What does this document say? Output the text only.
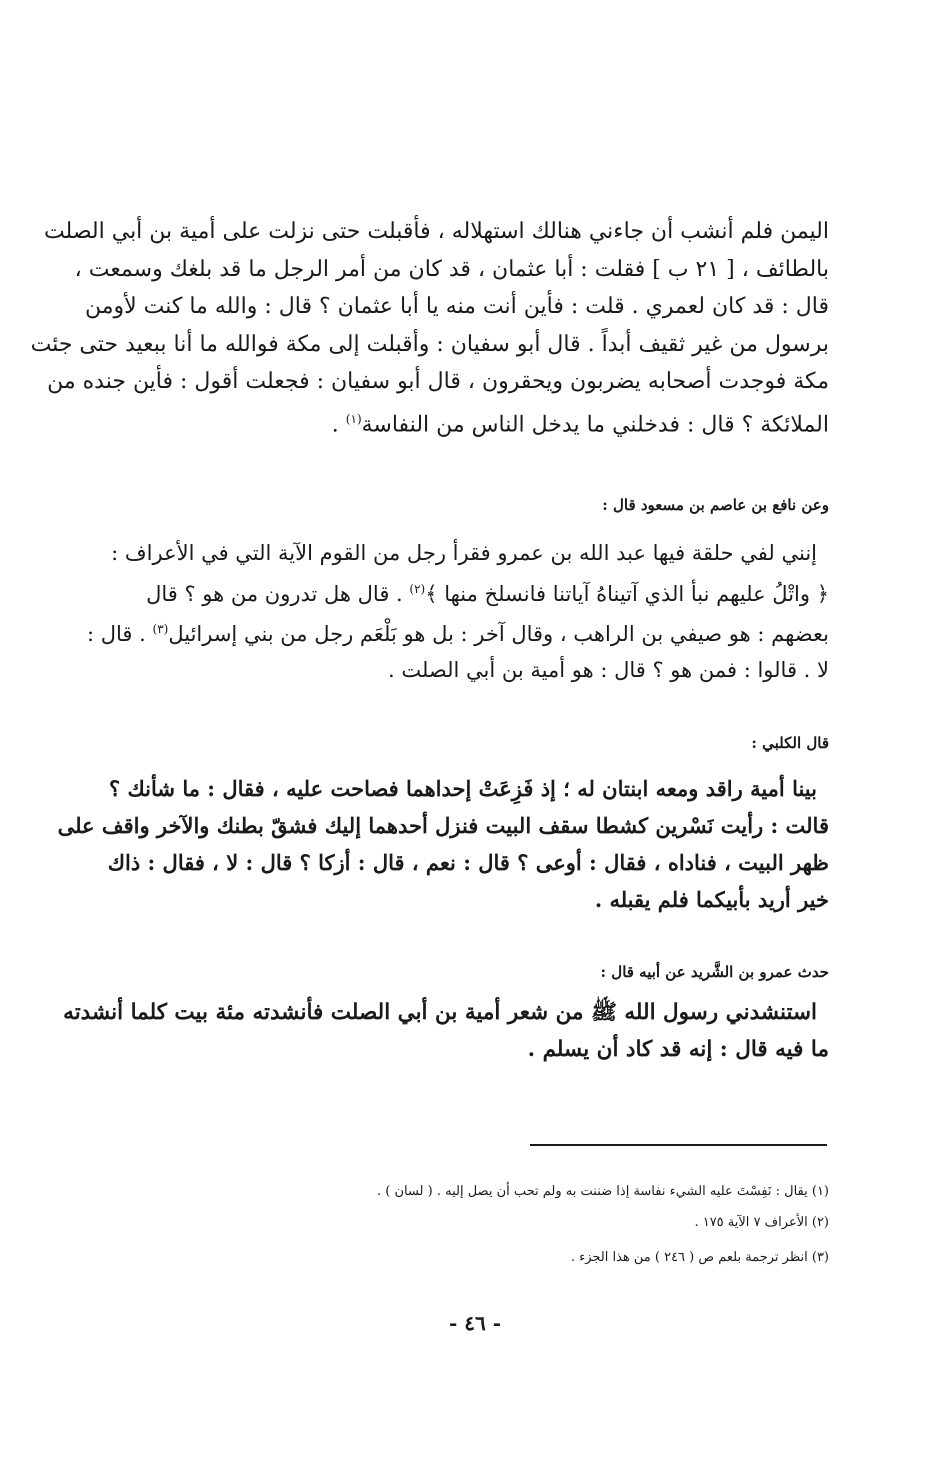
اليمن فلم أنشب أن جاءني هنالك استهلاله ، فأقبلت حتى نزلت على أمية بن أبي الصلت
بالطائف ، [ ٢١ ب ] فقلت : أبا عثمان ، قد كان من أمر الرجل ما قد بلغك وسمعت ،
قال : قد كان لعمري . قلت : فأين أنت منه يا أبا عثمان ؟ قال : والله ما كنت لأومن
برسول من غير ثقيف أبداً . قال أبو سفيان : وأقبلت إلى مكة فوالله ما أنا ببعيد حتى جئت
مكة فوجدت أصحابه يضربون ويحقرون ، قال أبو سفيان : فجعلت أقول : فأين جنده من
الملائكة ؟ قال : فدخلني ما يدخل الناس من النفاسة$^{(١)}$ .
وعن نافع بن عاصم بن مسعود قال :
إنني لفي حلقة فيها عبد الله بن عمرو فقرأ رجل من القوم الآية التي في الأعراف :
﴿ واتْلُ عليهم نبأ الذي آتيناهُ آياتنا فانسلخ منها ﴾$^{(٢)}$ . قال هل تدرون من هو ؟ قال
بعضهم : هو صيفي بن الراهب ، وقال آخر : بل هو بَلْعَم رجل من بني إسرائيل$^{(٣)}$ . قال :
لا . قالوا : فمن هو ؟ قال : هو أمية بن أبي الصلت .
قال الكلبي :
بينا أمية راقد ومعه ابنتان له ؛ إذ فَزِعَتْ إحداهما فصاحت عليه ، فقال : ما شأنك ؟
قالت : رأيت نَسْرين كشطا سقف البيت فنزل أحدهما إليك فشقّ بطنك والآخر واقف على
ظهر البيت ، فناداه ، فقال : أوعى ؟ قال : نعم ، قال : أزكا ؟ قال : لا ، فقال : ذاك
خير أريد بأبيكما فلم يقبله .
حدث عمرو بن الشَّريد عن أبيه قال :
استنشدني رسول الله ﷺ من شعر أمية بن أبي الصلت فأنشدته مئة بيت كلما أنشدته
ما فيه قال : إنه قد كاد أن يسلم .
(١) يقال : نَفِسْتَ عليه الشيء نفاسة إذا ضننت به ولم تحب أن يصل إليه . ( لسان ) .
(٢) الأعراف ٧ الآية ١٧٥ .
(٣) انظر ترجمة بلعم ص ( ٢٤٦ ) من هذا الجزء .
- ٤٦ -
